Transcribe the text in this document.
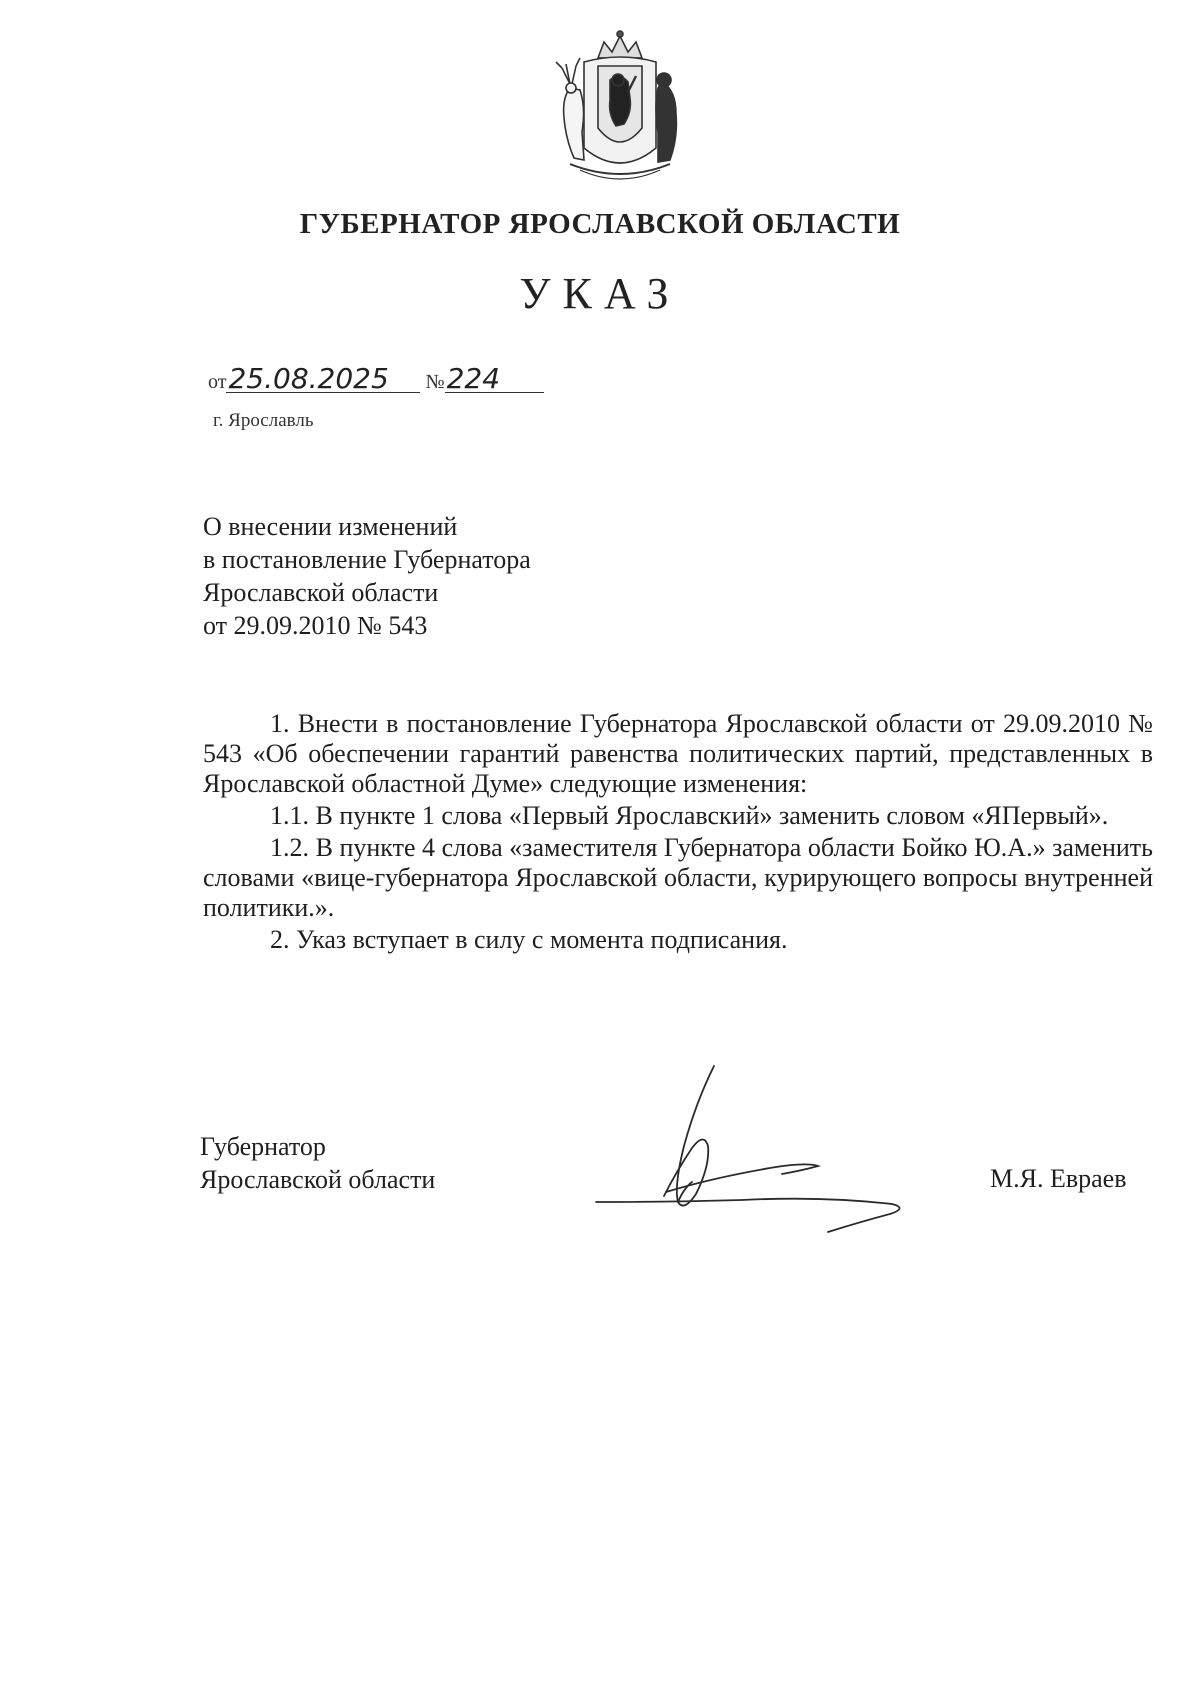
ГУБЕРНАТОР ЯРОСЛАВСКОЙ ОБЛАСТИ
УКАЗ
от25.08.2025 №224
г. Ярославль
О внесении изменений
в постановление Губернатора
Ярославской области
от 29.09.2010 № 543

1. Внести в постановление Губернатора Ярославской области от 29.09.2010 № 543 «Об обеспечении гарантий равенства политических партий, представленных в Ярославской областной Думе» следующие изменения:

1.1. В пункте 1 слова «Первый Ярославский» заменить словом «ЯПервый».

1.2. В пункте 4 слова «заместителя Губернатора области Бойко Ю.А.» заменить словами «вице-губернатора Ярославской области, курирующего вопросы внутренней политики.».

2. Указ вступает в силу с момента подписания.

Губернатор
Ярославской области	М.Я. Евраев
